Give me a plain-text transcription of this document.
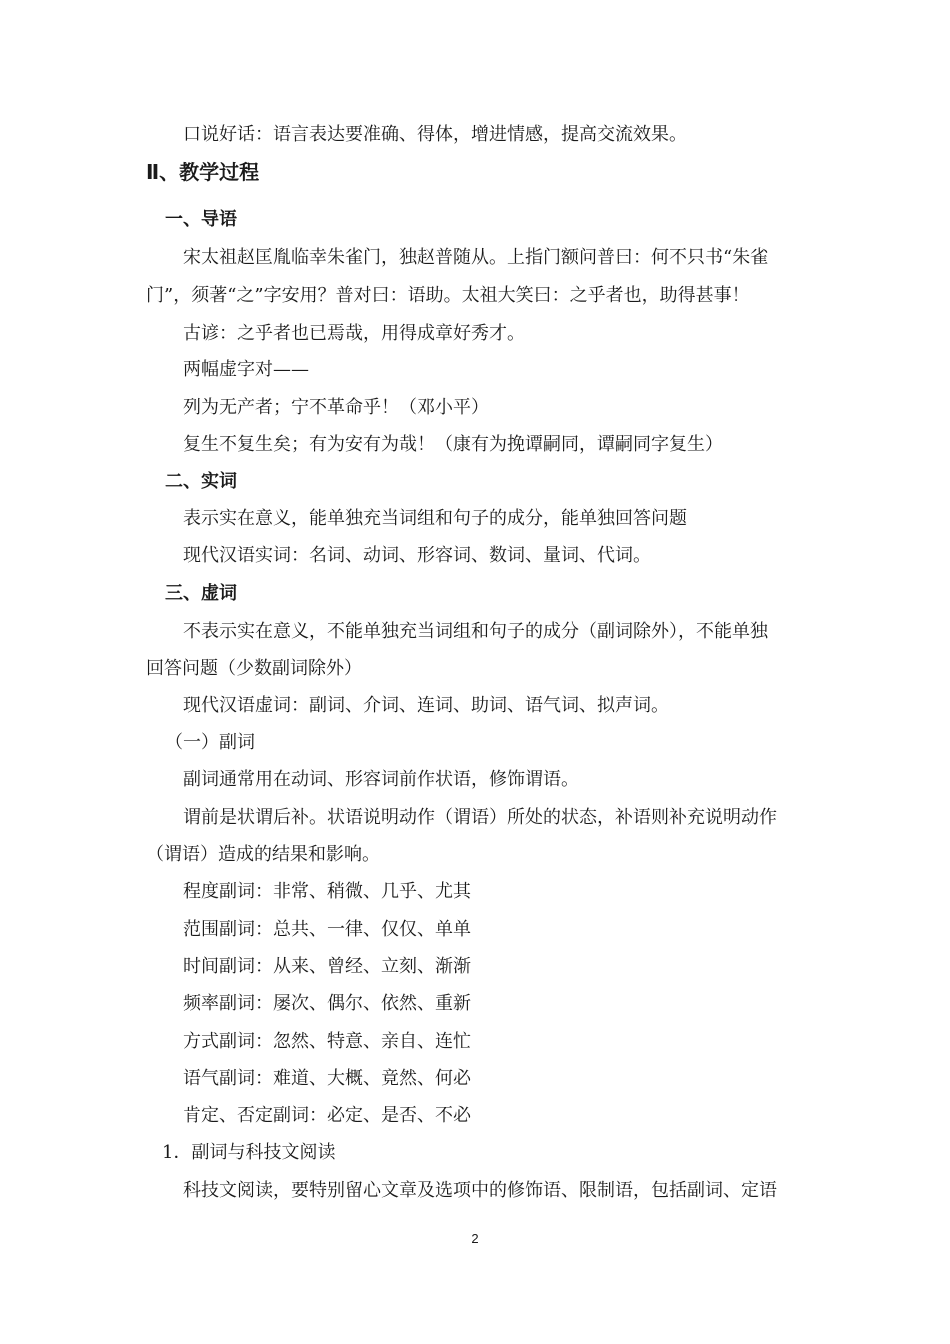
口说好话：语言表达要准确、得体，增进情感，提高交流效果。
Ⅱ、教学过程
一、导语
宋太祖赵匡胤临幸朱雀门，独赵普随从。上指门额问普曰：何不只书“朱雀
门”，须著“之”字安用？普对曰：语助。太祖大笑曰：之乎者也，助得甚事！
古谚：之乎者也已焉哉，用得成章好秀才。
两幅虚字对——
列为无产者；宁不革命乎！（邓小平）
复生不复生矣；有为安有为哉！（康有为挽谭嗣同，谭嗣同字复生）
二、实词
表示实在意义，能单独充当词组和句子的成分，能单独回答问题
现代汉语实词：名词、动词、形容词、数词、量词、代词。
三、虚词
不表示实在意义，不能单独充当词组和句子的成分（副词除外），不能单独
回答问题（少数副词除外）
现代汉语虚词：副词、介词、连词、助词、语气词、拟声词。
（一）副词
副词通常用在动词、形容词前作状语，修饰谓语。
谓前是状谓后补。状语说明动作（谓语）所处的状态，补语则补充说明动作
（谓语）造成的结果和影响。
程度副词：非常、稍微、几乎、尤其
范围副词：总共、一律、仅仅、单单
时间副词：从来、曾经、立刻、渐渐
频率副词：屡次、偶尔、依然、重新
方式副词：忽然、特意、亲自、连忙
语气副词：难道、大概、竟然、何必
肯定、否定副词：必定、是否、不必
1．副词与科技文阅读
科技文阅读，要特别留心文章及选项中的修饰语、限制语，包括副词、定语
2
